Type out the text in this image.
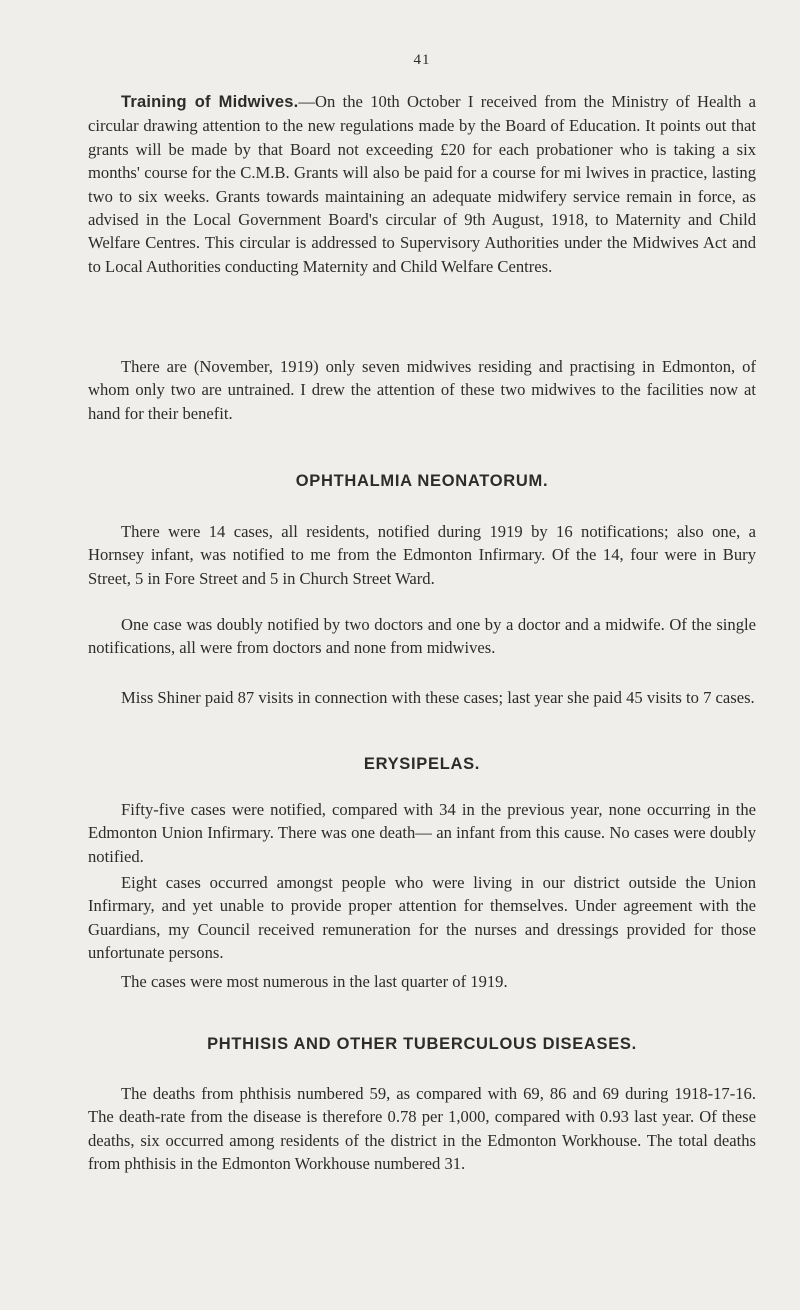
41

Training of Midwives.—On the 10th October I received from the Ministry of Health a circular drawing attention to the new regulations made by the Board of Education. It points out that grants will be made by that Board not exceeding £20 for each probationer who is taking a six months' course for the C.M.B. Grants will also be paid for a course for mi lwives in practice, lasting two to six weeks. Grants towards maintaining an adequate midwifery service remain in force, as advised in the Local Government Board's circular of 9th August, 1918, to Maternity and Child Welfare Centres. This circular is addressed to Supervisory Authorities under the Midwives Act and to Local Authorities conducting Maternity and Child Welfare Centres.

There are (November, 1919) only seven midwives residing and practising in Edmonton, of whom only two are untrained. I drew the attention of these two midwives to the facilities now at hand for their benefit.

OPHTHALMIA NEONATORUM.

There were 14 cases, all residents, notified during 1919 by 16 notifications; also one, a Hornsey infant, was notified to me from the Edmonton Infirmary. Of the 14, four were in Bury Street, 5 in Fore Street and 5 in Church Street Ward.

One case was doubly notified by two doctors and one by a doctor and a midwife. Of the single notifications, all were from doctors and none from midwives.

Miss Shiner paid 87 visits in connection with these cases; last year she paid 45 visits to 7 cases.

ERYSIPELAS.

Fifty-five cases were notified, compared with 34 in the previous year, none occurring in the Edmonton Union Infirmary. There was one death— an infant from this cause. No cases were doubly notified.

Eight cases occurred amongst people who were living in our district outside the Union Infirmary, and yet unable to provide proper attention for themselves. Under agreement with the Guardians, my Council received remuneration for the nurses and dressings provided for those unfortunate persons.

The cases were most numerous in the last quarter of 1919.

PHTHISIS AND OTHER TUBERCULOUS DISEASES.

The deaths from phthisis numbered 59, as compared with 69, 86 and 69 during 1918-17-16. The death-rate from the disease is therefore 0.78 per 1,000, compared with 0.93 last year. Of these deaths, six occurred among residents of the district in the Edmonton Workhouse. The total deaths from phthisis in the Edmonton Workhouse numbered 31.
